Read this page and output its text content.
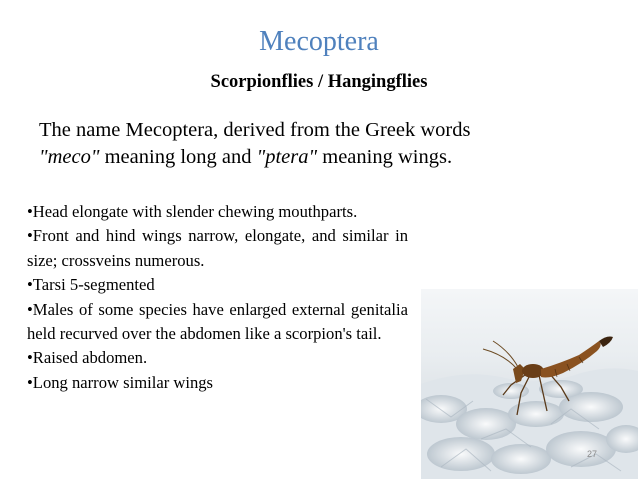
Mecoptera
Scorpionflies / Hangingflies
The name Mecoptera, derived from the Greek words
"meco" meaning long and "ptera" meaning wings.

•Head elongate with slender chewing mouthparts.

•Front and hind wings narrow, elongate, and similar in size; crossveins numerous.

•Tarsi 5-segmented

•Males of some species have enlarged external genitalia held recurved over the abdomen like a scorpion's tail.

•Raised abdomen.

•Long narrow similar wings

27
